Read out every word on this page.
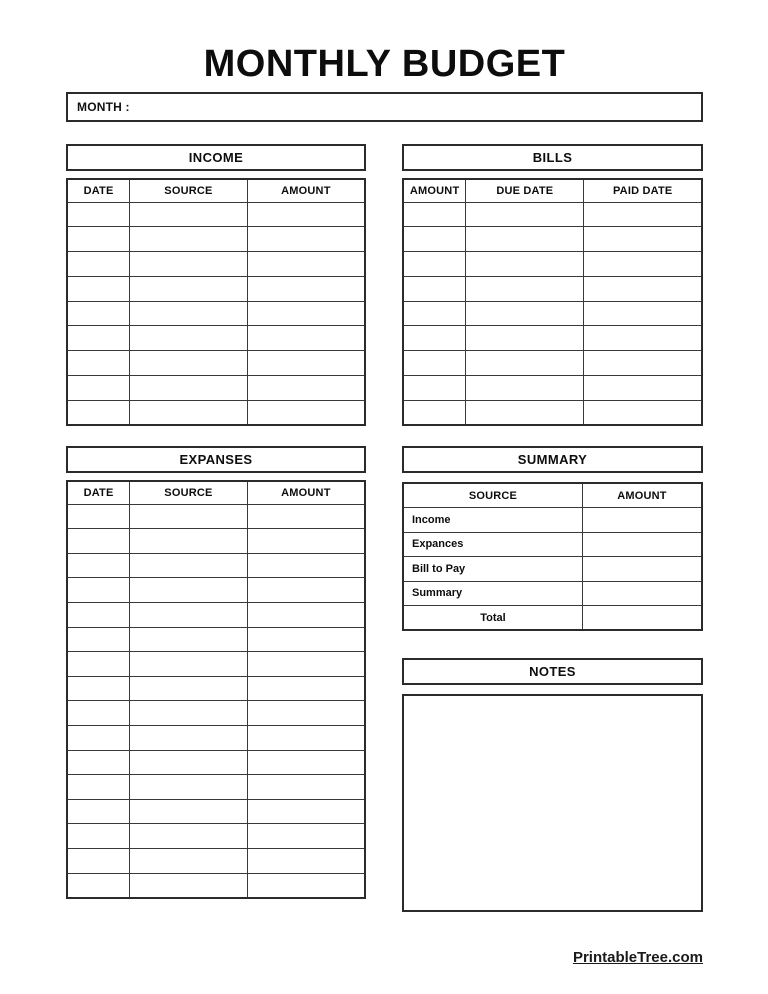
MONTHLY BUDGET
MONTH :
INCOME
DATE	SOURCE	AMOUNT

EXPANSES
DATE	SOURCE	AMOUNT

BILLS
AMOUNT	DUE DATE	PAID DATE

SUMMARY
SOURCE	AMOUNT
Income	
Expances	
Bill to Pay	
Summary	
Total	
NOTES
PrintableTree.com
